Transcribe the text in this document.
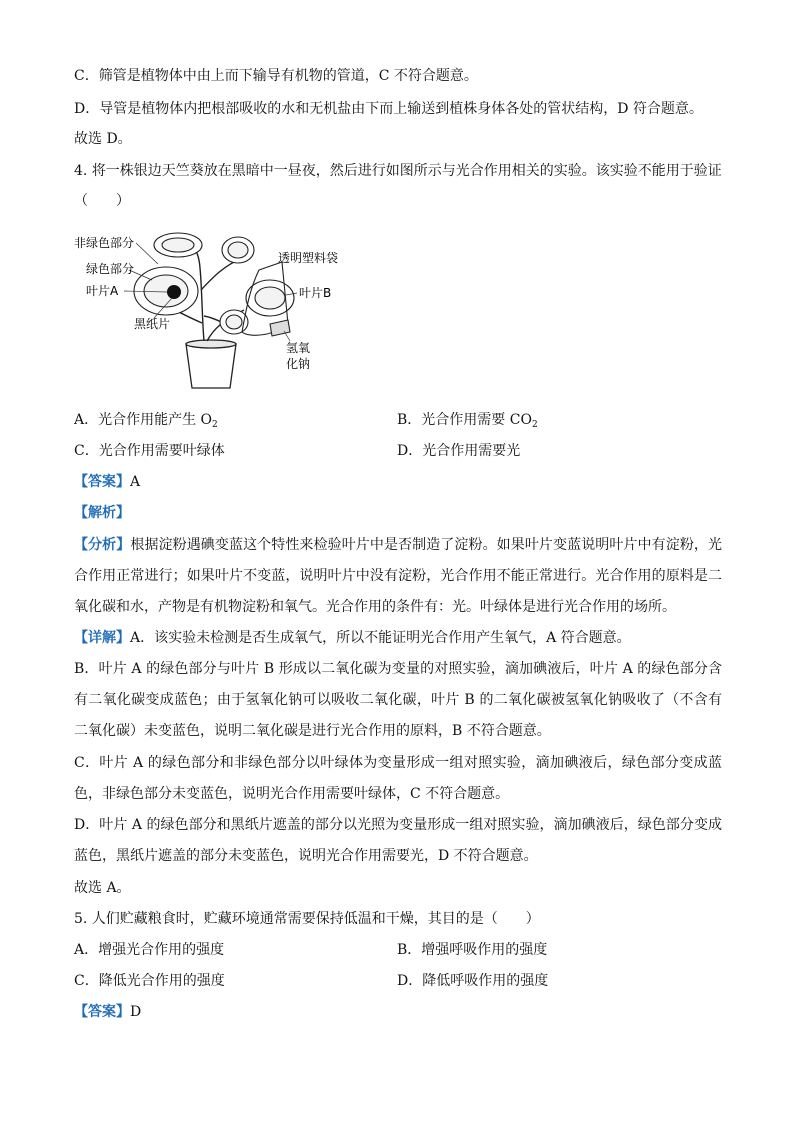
C．筛管是植物体中由上而下输导有机物的管道，C 不符合题意。
D．导管是植物体内把根部吸收的水和无机盐由下而上输送到植株身体各处的管状结构，D 符合题意。
故选 D。
4. 将一株银边天竺葵放在黑暗中一昼夜，然后进行如图所示与光合作用相关的实验。该实验不能用于验证
（　　）
非绿色部分
绿色部分
叶片A
黑纸片
透明塑料袋
叶片B
氢氧
化钠
A．光合作用能产生 $O_2$	B．光合作用需要 $CO_2$
C．光合作用需要叶绿体	D．光合作用需要光
【答案】A
【解析】
【分析】根据淀粉遇碘变蓝这个特性来检验叶片中是否制造了淀粉。如果叶片变蓝说明叶片中有淀粉，光合作用正常进行；如果叶片不变蓝，说明叶片中没有淀粉，光合作用不能正常进行。光合作用的原料是二氧化碳和水，产物是有机物淀粉和氧气。光合作用的条件有：光。叶绿体是进行光合作用的场所。
【详解】A．该实验未检测是否生成氧气，所以不能证明光合作用产生氧气，A 符合题意。
B．叶片 A 的绿色部分与叶片 B 形成以二氧化碳为变量的对照实验，滴加碘液后，叶片 A 的绿色部分含有二氧化碳变成蓝色；由于氢氧化钠可以吸收二氧化碳，叶片 B 的二氧化碳被氢氧化钠吸收了（不含有二氧化碳）未变蓝色，说明二氧化碳是进行光合作用的原料，B 不符合题意。
C．叶片 A 的绿色部分和非绿色部分以叶绿体为变量形成一组对照实验，滴加碘液后，绿色部分变成蓝色，非绿色部分未变蓝色，说明光合作用需要叶绿体，C 不符合题意。
D．叶片 A 的绿色部分和黑纸片遮盖的部分以光照为变量形成一组对照实验，滴加碘液后，绿色部分变成蓝色，黑纸片遮盖的部分未变蓝色，说明光合作用需要光，D 不符合题意。
故选 A。
5. 人们贮藏粮食时，贮藏环境通常需要保持低温和干燥，其目的是（　　）
A．增强光合作用的强度	B．增强呼吸作用的强度
C．降低光合作用的强度	D．降低呼吸作用的强度
【答案】D
